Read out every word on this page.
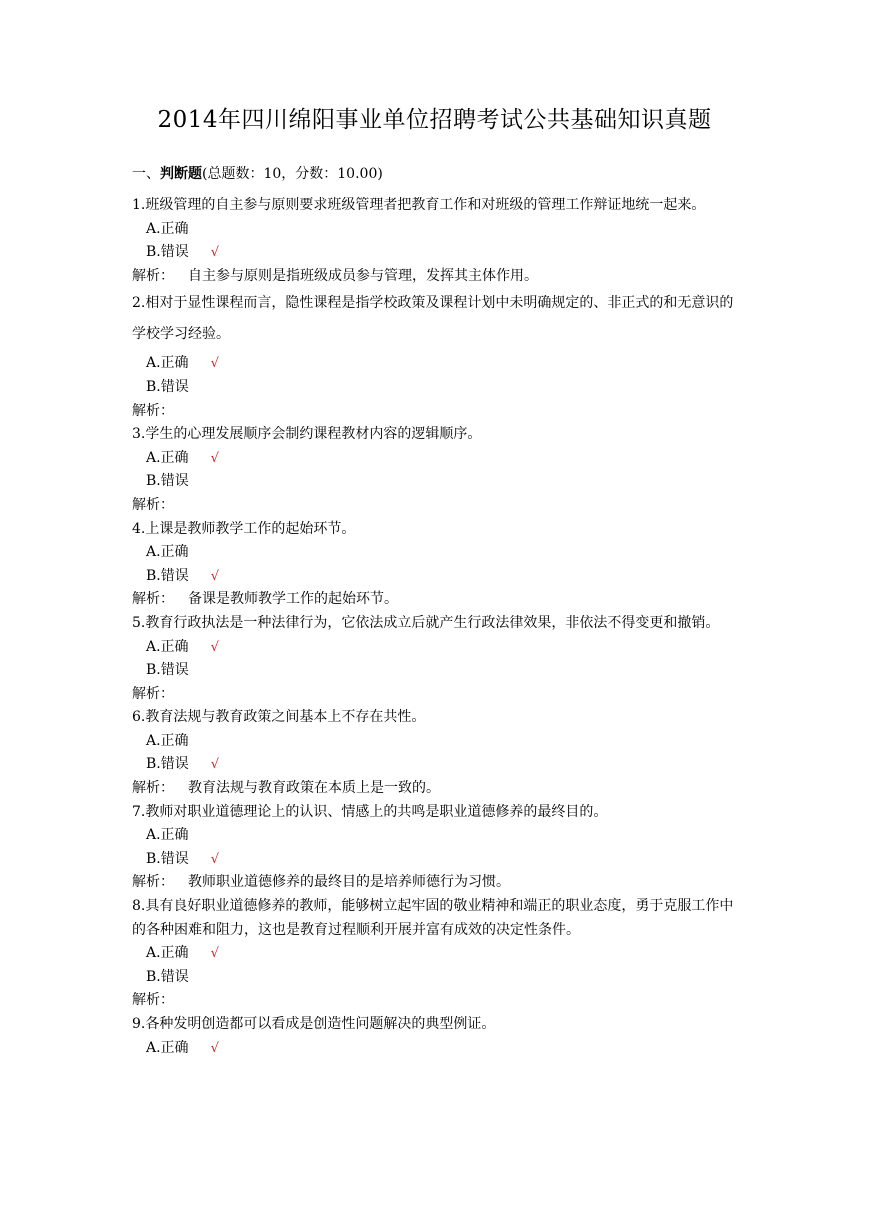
2014年四川绵阳事业单位招聘考试公共基础知识真题
一、判断题(总题数：10，分数：10.00)
1.班级管理的自主参与原则要求班级管理者把教育工作和对班级的管理工作辩证地统一起来。
A.正确
B.错误 √
解析： 自主参与原则是指班级成员参与管理，发挥其主体作用。
2.相对于显性课程而言，隐性课程是指学校政策及课程计划中未明确规定的、非正式的和无意识的学校学习经验。
A.正确 √
B.错误
解析：
3.学生的心理发展顺序会制约课程教材内容的逻辑顺序。
A.正确 √
B.错误
解析：
4.上课是教师教学工作的起始环节。
A.正确
B.错误 √
解析： 备课是教师教学工作的起始环节。
5.教育行政执法是一种法律行为，它依法成立后就产生行政法律效果，非依法不得变更和撤销。
A.正确 √
B.错误
解析：
6.教育法规与教育政策之间基本上不存在共性。
A.正确
B.错误 √
解析： 教育法规与教育政策在本质上是一致的。
7.教师对职业道德理论上的认识、情感上的共鸣是职业道德修养的最终目的。
A.正确
B.错误 √
解析： 教师职业道德修养的最终目的是培养师德行为习惯。
8.具有良好职业道德修养的教师，能够树立起牢固的敬业精神和端正的职业态度，勇于克服工作中的各种困难和阻力，这也是教育过程顺利开展并富有成效的决定性条件。
A.正确 √
B.错误
解析：
9.各种发明创造都可以看成是创造性问题解决的典型例证。
A.正确 √
